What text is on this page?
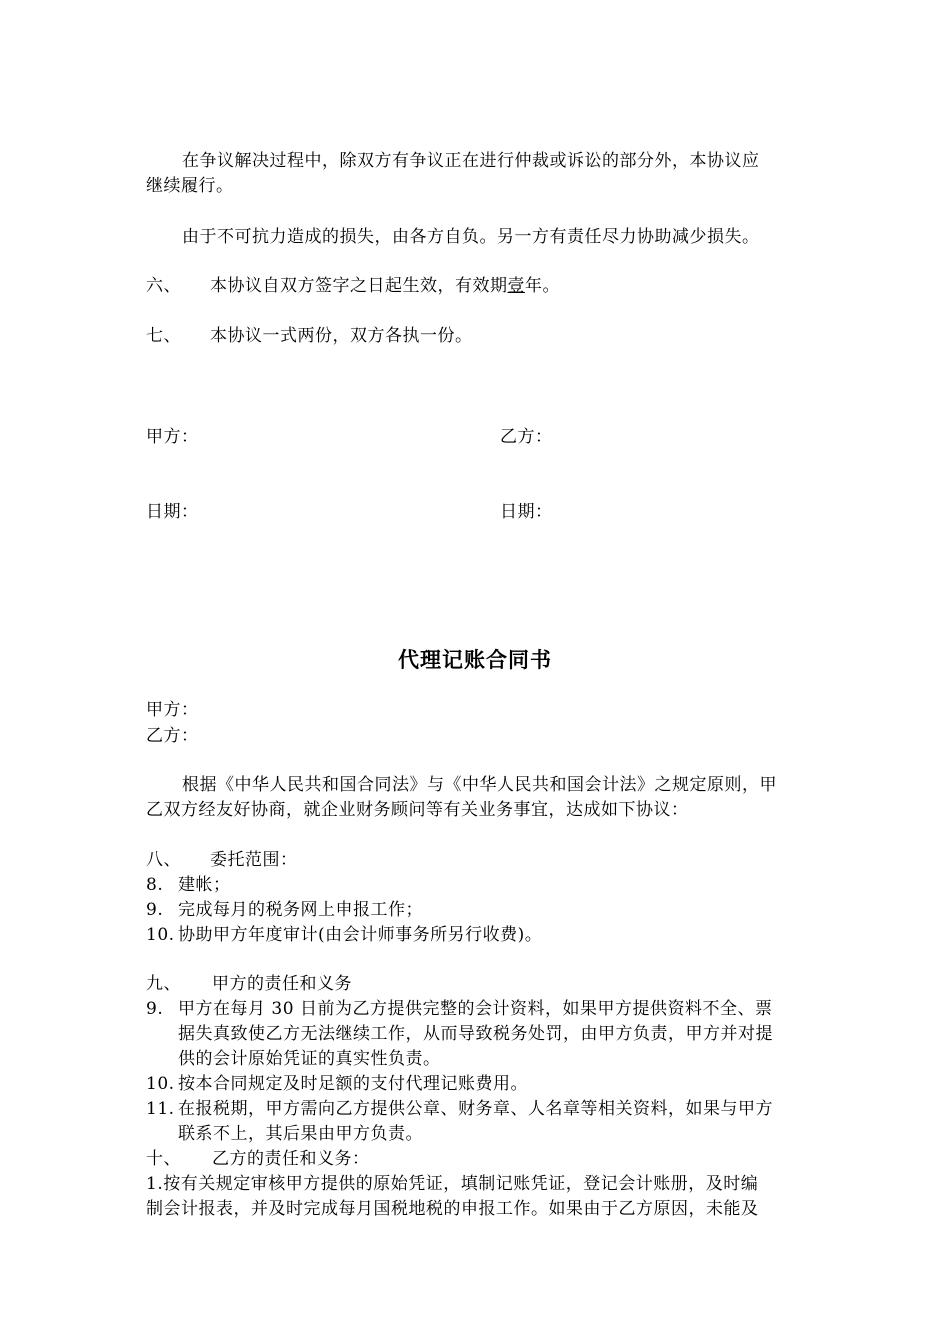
在争议解决过程中，除双方有争议正在进行仲裁或诉讼的部分外，本协议应
继续履行。
由于不可抗力造成的损失，由各方自负。另一方有责任尽力协助减少损失。
六、 本协议自双方签字之日起生效，有效期壹年。
七、 本协议一式两份，双方各执一份。
甲方：	乙方：
日期：	日期：
代理记账合同书
甲方：
乙方：
根据《中华人民共和国合同法》与《中华人民共和国会计法》之规定原则，甲
乙双方经友好协商，就企业财务顾问等有关业务事宜，达成如下协议：
八、 委托范围：
8. 建帐；
9. 完成每月的税务网上申报工作；
10. 协助甲方年度审计(由会计师事务所另行收费)。
九、 甲方的责任和义务
9. 甲方在每月 30 日前为乙方提供完整的会计资料，如果甲方提供资料不全、票
据失真致使乙方无法继续工作，从而导致税务处罚，由甲方负责，甲方并对提
供的会计原始凭证的真实性负责。
10. 按本合同规定及时足额的支付代理记账费用。
11. 在报税期，甲方需向乙方提供公章、财务章、人名章等相关资料，如果与甲方
联系不上，其后果由甲方负责。
十、 乙方的责任和义务：
1.按有关规定审核甲方提供的原始凭证，填制记账凭证，登记会计账册，及时编
制会计报表，并及时完成每月国税地税的申报工作。如果由于乙方原因，未能及
